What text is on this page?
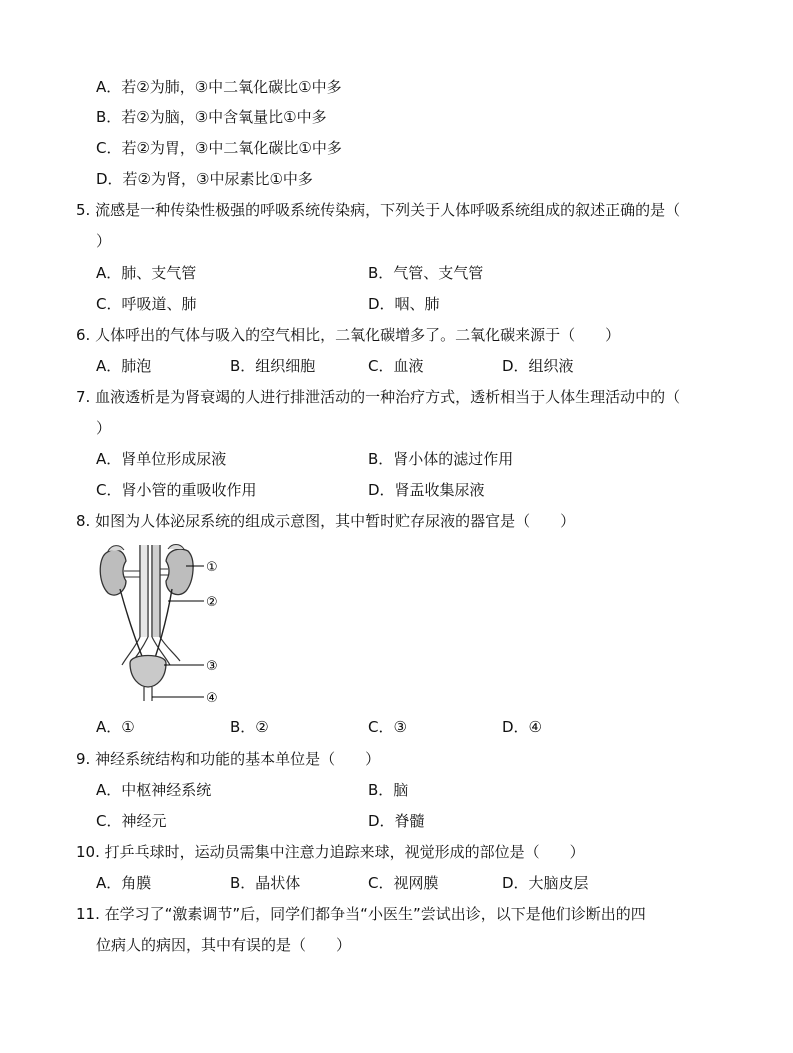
A．若②为肺，③中二氧化碳比①中多
B．若②为脑，③中含氧量比①中多
C．若②为胃，③中二氧化碳比①中多
D．若②为肾，③中尿素比①中多
5. 流感是一种传染性极强的呼吸系统传染病，下列关于人体呼吸系统组成的叙述正确的是（
）
A．肺、支气管	B．气管、支气管
C．呼吸道、肺	D．咽、肺
6. 人体呼出的气体与吸入的空气相比，二氧化碳增多了。二氧化碳来源于（　　）
A．肺泡	B．组织细胞	C．血液	D．组织液
7. 血液透析是为肾衰竭的人进行排泄活动的一种治疗方式，透析相当于人体生理活动中的（
）
A．肾单位形成尿液	B．肾小体的滤过作用
C．肾小管的重吸收作用	D．肾盂收集尿液
8. 如图为人体泌尿系统的组成示意图，其中暂时贮存尿液的器官是（　　）
①
②
③
④
A．①	B．②	C．③	D．④
9. 神经系统结构和功能的基本单位是（　　）
A．中枢神经系统	B．脑
C．神经元	D．脊髓
10. 打乒乓球时，运动员需集中注意力追踪来球，视觉形成的部位是（　　）
A．角膜	B．晶状体	C．视网膜	D．大脑皮层
11. 在学习了“激素调节”后，同学们都争当“小医生”尝试出诊，以下是他们诊断出的四
位病人的病因，其中有误的是（　　）
